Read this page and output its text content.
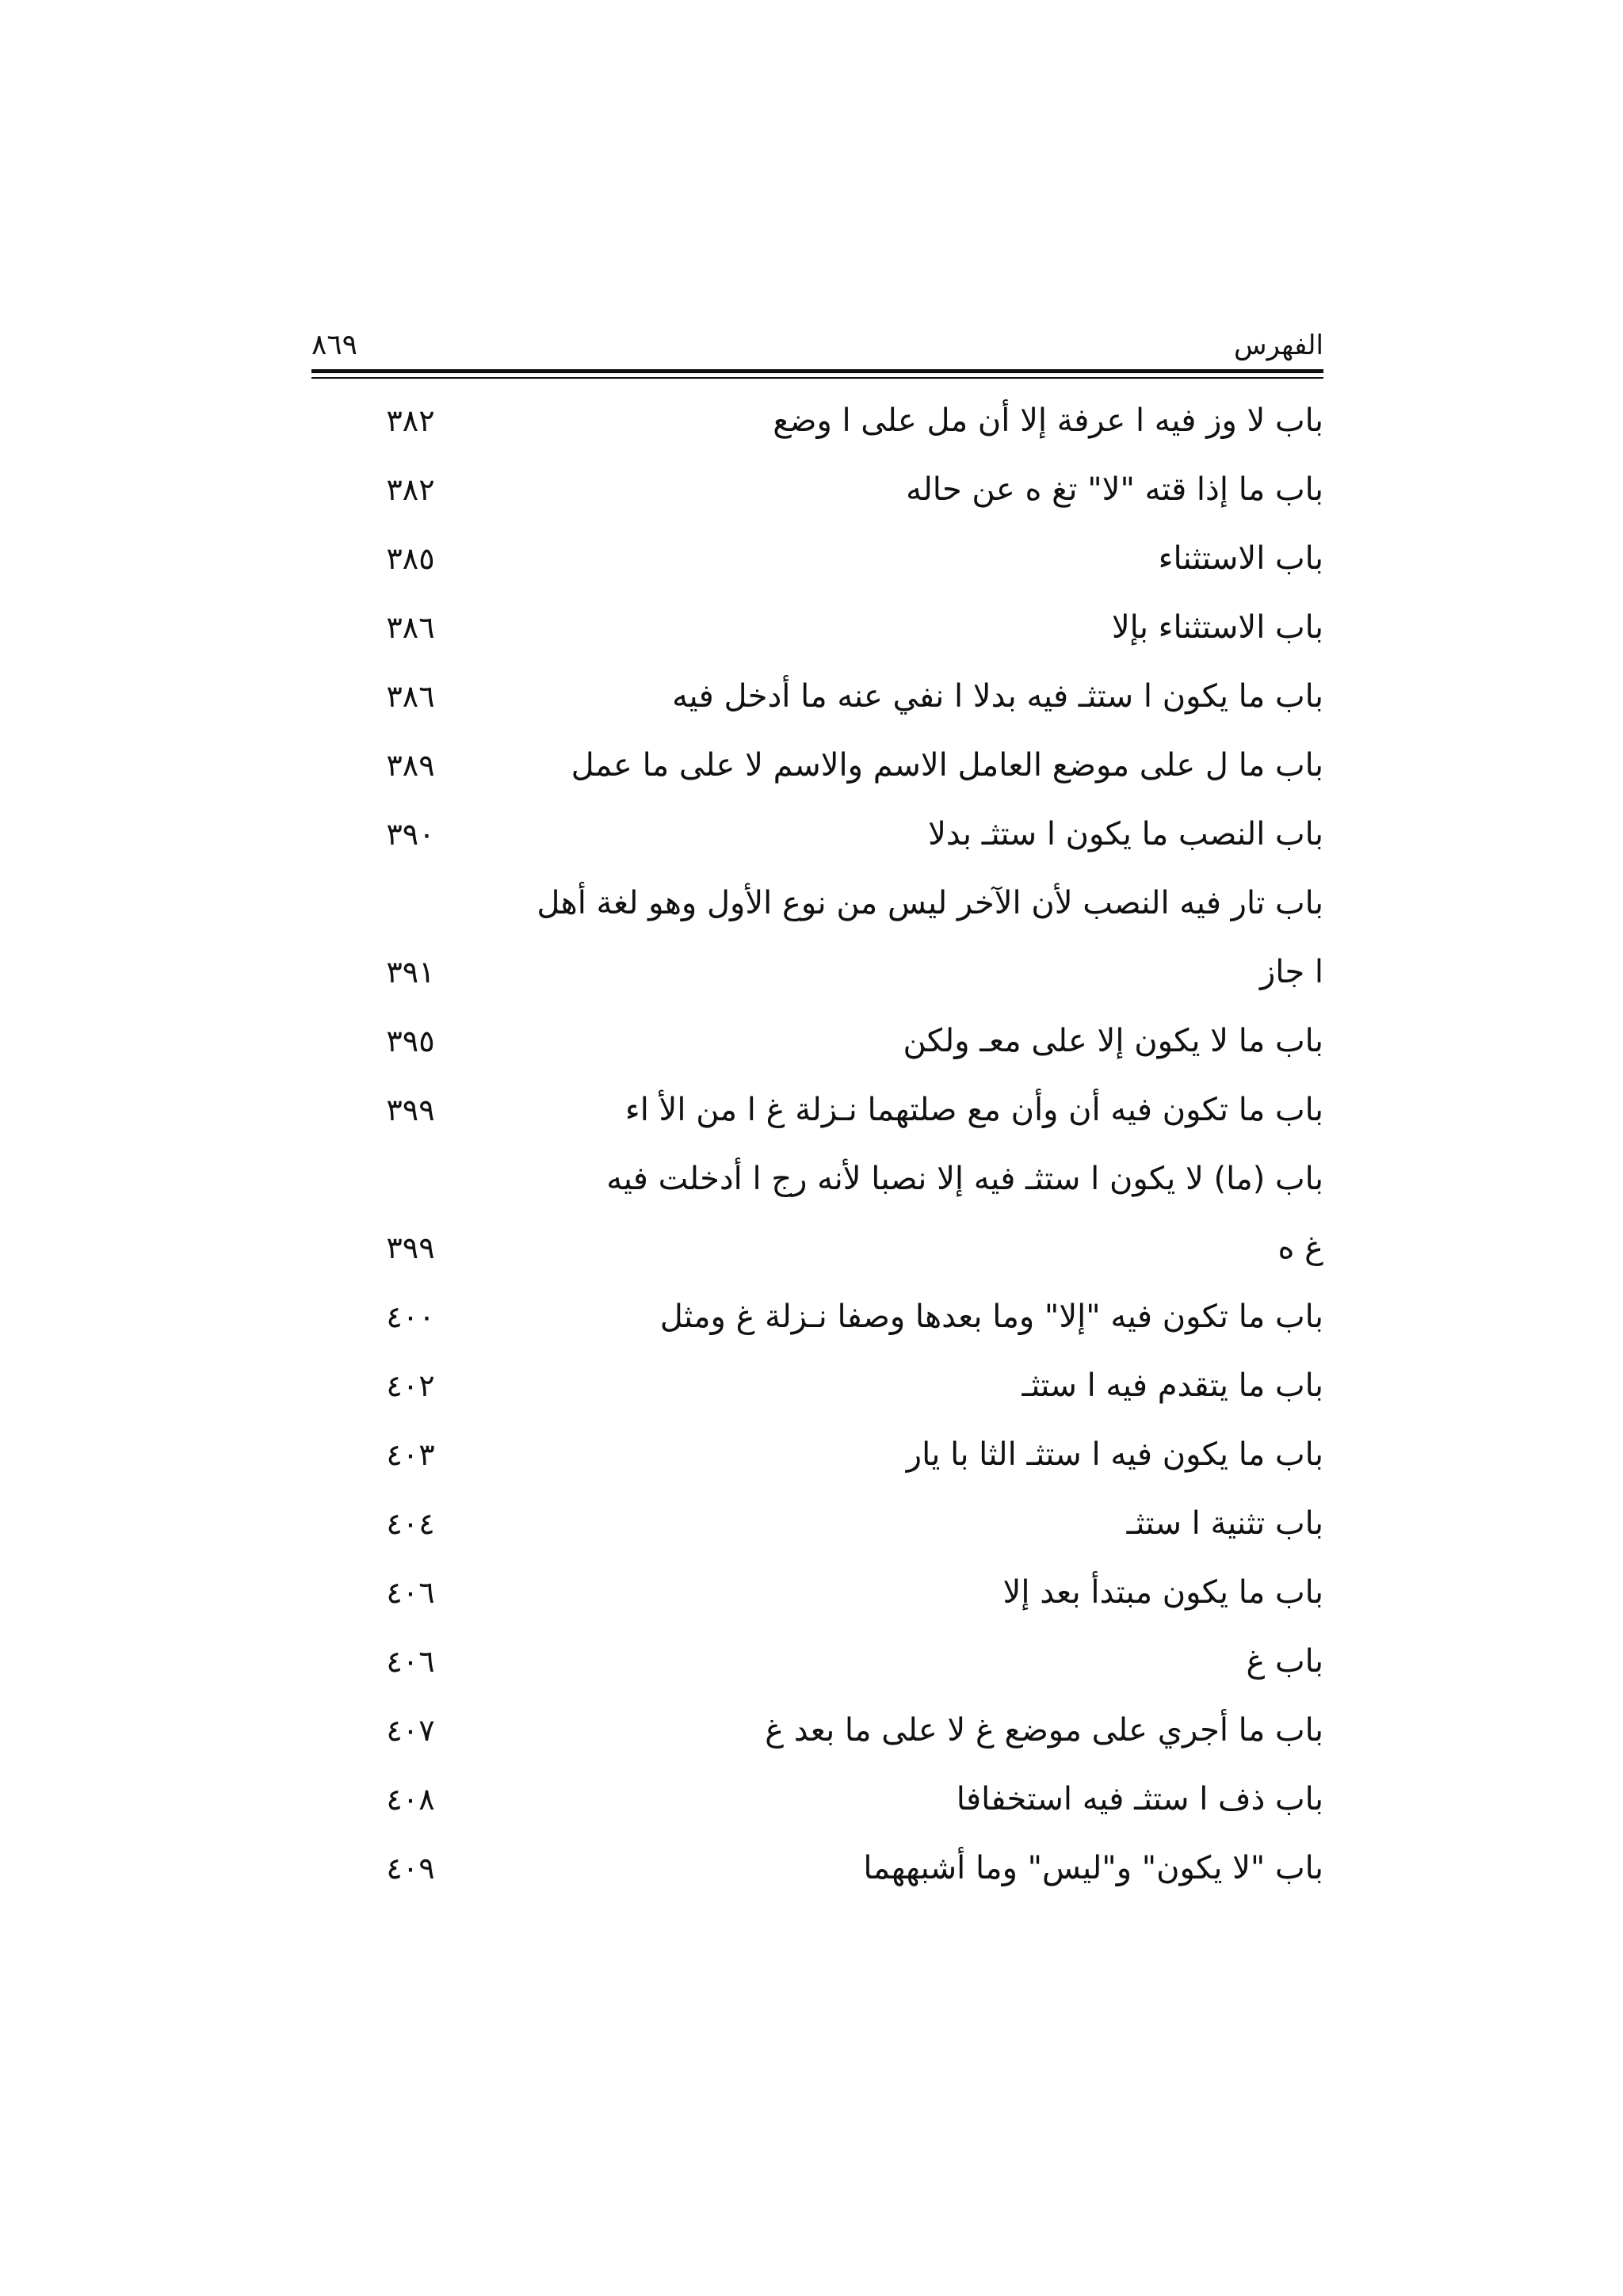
الفهرس
٨٦٩
باب لا وز فيه ا عرفة إلا أن مل على ا وضع
٣٨٢
باب ما إذا قته "لا" تغ ه عن حاله
٣٨٢
باب الاستثناء
٣٨٥
باب الاستثناء بإلا
٣٨٦
باب ما يكون ا ستثـ فيه بدلا ا نفي عنه ما أدخل فيه
٣٨٦
باب ما ل على موضع العامل الاسم والاسم لا على ما عمل
٣٨٩
باب النصب ما يكون ا ستثـ بدلا
٣٩٠
باب تار فيه النصب لأن الآخر ليس من نوع الأول وهو لغة أهل
ا جاز
٣٩١
باب ما لا يكون إلا على معـ ولكن
٣٩٥
باب ما تكون فيه أن وأن مع صلتهما نـزلة غ ا من الأ اء
٣٩٩
باب (ما) لا يكون ا ستثـ فيه إلا نصبا لأنه رج ا أدخلت فيه
غ ه
٣٩٩
باب ما تكون فيه "إلا" وما بعدها وصفا نـزلة غ ومثل
٤٠٠
باب ما يتقدم فيه ا ستثـ
٤٠٢
باب ما يكون فيه ا ستثـ الثا با يار
٤٠٣
باب تثنية ا ستثـ
٤٠٤
باب ما يكون مبتدأ بعد إلا
٤٠٦
باب غ
٤٠٦
باب ما أجري على موضع غ لا على ما بعد غ
٤٠٧
باب ذف ا ستثـ فيه استخفافا
٤٠٨
باب "لا يكون" و"ليس" وما أشبههما
٤٠٩
